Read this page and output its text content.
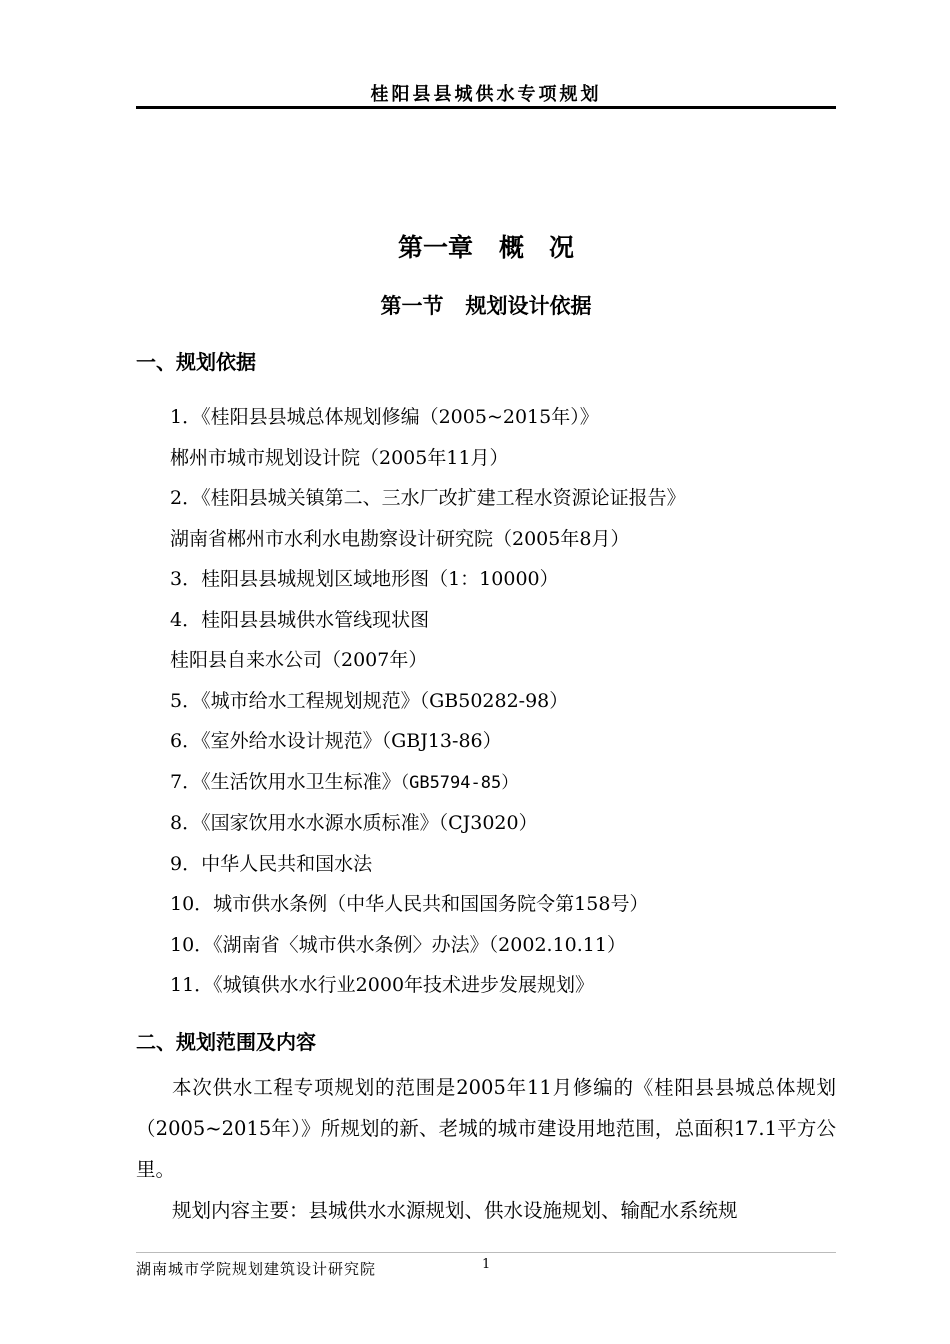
桂阳县县城供水专项规划
第一章 概　况
第一节 规划设计依据
一、规划依据
1．《桂阳县县城总体规划修编（2005~2015年）》
郴州市城市规划设计院（2005年11月）
2．《桂阳县城关镇第二、三水厂改扩建工程水资源论证报告》
湖南省郴州市水利水电勘察设计研究院（2005年8月）
3．桂阳县县城规划区域地形图（1：10000）
4．桂阳县县城供水管线现状图
桂阳县自来水公司（2007年）
5．《城市给水工程规划规范》（GB50282-98）
6．《室外给水设计规范》（GBJ13-86）
7．《生活饮用水卫生标准》（GB5794-85）
8．《国家饮用水水源水质标准》（CJ3020）
9．中华人民共和国水法
10．城市供水条例（中华人民共和国国务院令第158号）
10．《湖南省〈城市供水条例〉办法》（2002.10.11）
11．《城镇供水水行业2000年技术进步发展规划》
二、规划范围及内容

本次供水工程专项规划的范围是2005年11月修编的《桂阳县县城总体规划（2005~2015年）》所规划的新、老城的城市建设用地范围，总面积17.1平方公里。

规划内容主要：县城供水水源规划、供水设施规划、输配水系统规

湖南城市学院规划建筑设计研究院	1
